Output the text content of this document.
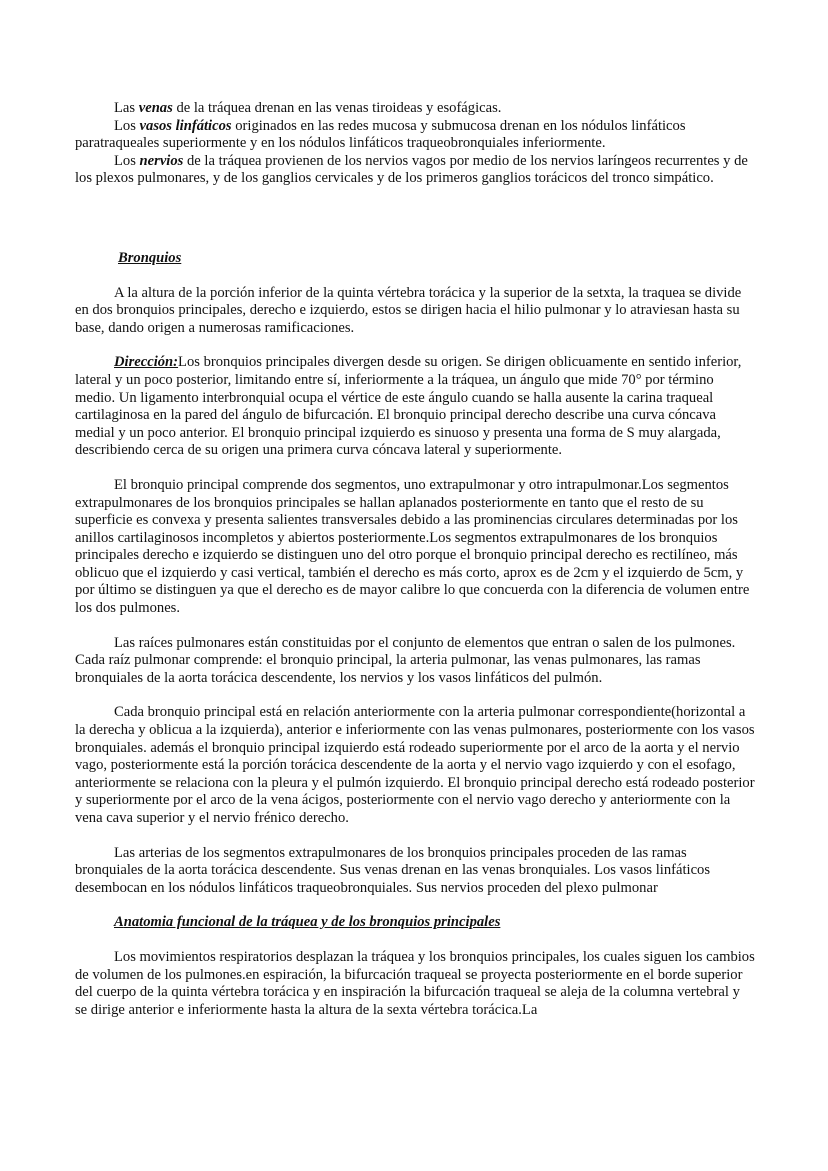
Las venas de la tráquea drenan en las venas tiroideas y esofágicas.

Los vasos linfáticos originados en las redes mucosa y submucosa drenan en los nódulos linfáticos paratraqueales superiormente y en los nódulos linfáticos traqueobronquiales inferiormente.

Los nervios de la tráquea provienen de los nervios vagos por medio de los nervios laríngeos recurrentes y de los plexos pulmonares, y de los ganglios cervicales y de los primeros ganglios torácicos del tronco simpático.

Bronquios

A la altura de la porción inferior de la quinta vértebra torácica y la superior de la setxta, la traquea se divide en dos bronquios principales, derecho e izquierdo, estos se dirigen hacia el hilio pulmonar y lo atraviesan hasta su base, dando origen a numerosas ramificaciones.

Dirección:Los bronquios principales divergen desde su origen. Se dirigen oblicuamente en sentido inferior, lateral y un poco posterior, limitando entre sí, inferiormente a la tráquea, un ángulo que mide 70° por término medio. Un ligamento interbronquial ocupa el vértice de este ángulo cuando se halla ausente la carina traqueal cartilaginosa en la pared del ángulo de bifurcación. El bronquio principal derecho describe una curva cóncava medial y un poco anterior. El bronquio principal izquierdo es sinuoso y presenta una forma de S muy alargada, describiendo cerca de su origen una primera curva cóncava lateral y superiormente.

El bronquio principal comprende dos segmentos, uno extrapulmonar y otro intrapulmonar.Los segmentos extrapulmonares de los bronquios principales se hallan aplanados posteriormente en tanto que el resto de su superficie es convexa y presenta salientes transversales debido a las prominencias circulares determinadas por los anillos cartilaginosos incompletos y abiertos posteriormente.Los segmentos extrapulmonares de los bronquios principales derecho e izquierdo se distinguen uno del otro porque el bronquio principal derecho es rectilíneo, más oblicuo que el izquierdo y casi vertical, también el derecho es más corto, aprox es de 2cm y el izquierdo de 5cm, y por último se distinguen ya que el derecho es de mayor calibre lo que concuerda con la diferencia de volumen entre los dos pulmones.

Las raíces pulmonares están constituidas por el conjunto de elementos que entran o salen de los pulmones. Cada raíz pulmonar comprende: el bronquio principal, la arteria pulmonar, las venas pulmonares, las ramas bronquiales de la aorta torácica descendente, los nervios y los vasos linfáticos del pulmón.

Cada bronquio principal está en relación anteriormente con la arteria pulmonar correspondiente(horizontal a la derecha y oblicua a la izquierda), anterior e inferiormente con las venas pulmonares, posteriormente con los vasos bronquiales. además el bronquio principal izquierdo está rodeado superiormente por el arco de la aorta y el nervio vago, posteriormente está la porción torácica descendente de la aorta y el nervio vago izquierdo y con el esofago, anteriormente se relaciona con la pleura y el pulmón izquierdo. El bronquio principal derecho está rodeado posterior y superiormente por el arco de la vena ácigos, posteriormente con el nervio vago derecho y anteriormente con la vena cava superior y el nervio frénico derecho.

Las arterias de los segmentos extrapulmonares de los bronquios principales proceden de las ramas bronquiales de la aorta torácica descendente. Sus venas drenan en las venas bronquiales. Los vasos linfáticos desembocan en los nódulos linfáticos traqueobronquiales. Sus nervios proceden del plexo pulmonar

Anatomia funcional de la tráquea y de los bronquios principales

Los movimientos respiratorios desplazan la tráquea y los bronquios principales, los cuales siguen los cambios de volumen de los pulmones.en espiración, la bifurcación traqueal se proyecta posteriormente en el borde superior del cuerpo de la quinta vértebra torácica y en inspiración la bifurcación traqueal se aleja de la columna vertebral y se dirige anterior e inferiormente hasta la altura de la sexta vértebra torácica.La
